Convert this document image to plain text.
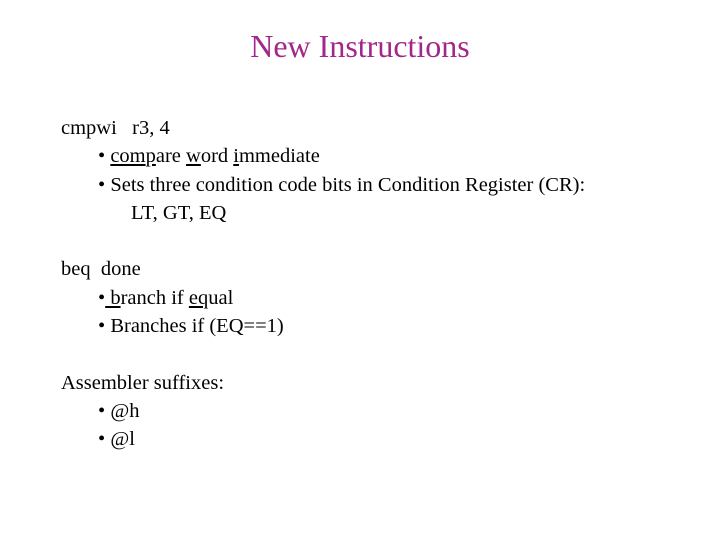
New Instructions
cmpwi   r3, 4
• compare word immediate
• Sets three condition code bits in Condition Register (CR):
LT, GT, EQ
beq  done
• branch if equal
• Branches if (EQ==1)
Assembler suffixes:
• @h
• @l
